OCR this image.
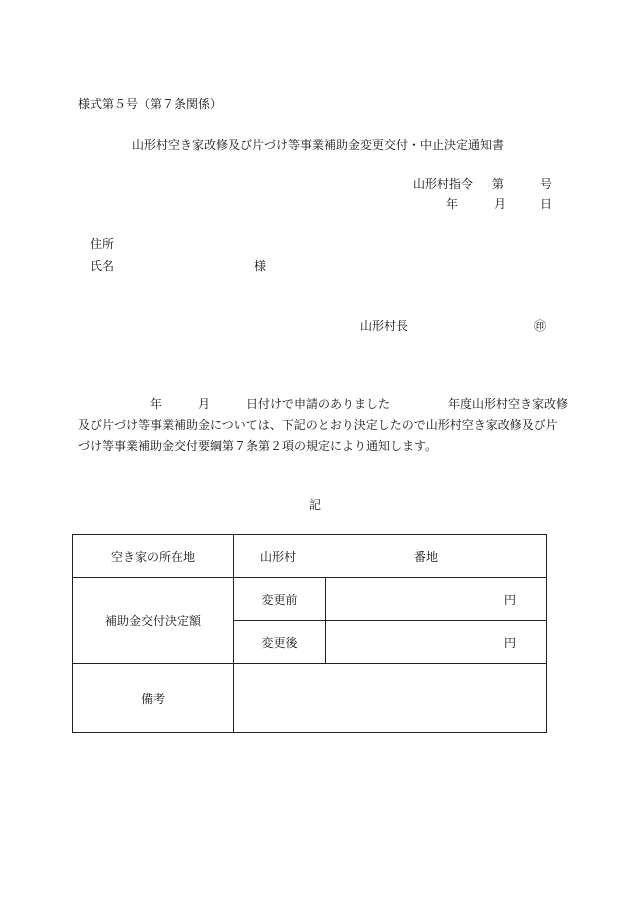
様式第５号（第７条関係）
山形村空き家改修及び片づけ等事業補助金変更交付・中止決定通知書
山形村指令 第	号
年	月	日
住所
氏名	様
山形村長	㊞
年	月	日付けで申請のありました	年度山形村空き家改修
及び片づけ等事業補助金については、下記のとおり決定したので山形村空き家改修及び片
づけ等事業補助金交付要綱第７条第２項の規定により通知します。
記
空き家の所在地	山形村 番地	

補助金交付決定額	変更前	円
	変更後	円
備考		
